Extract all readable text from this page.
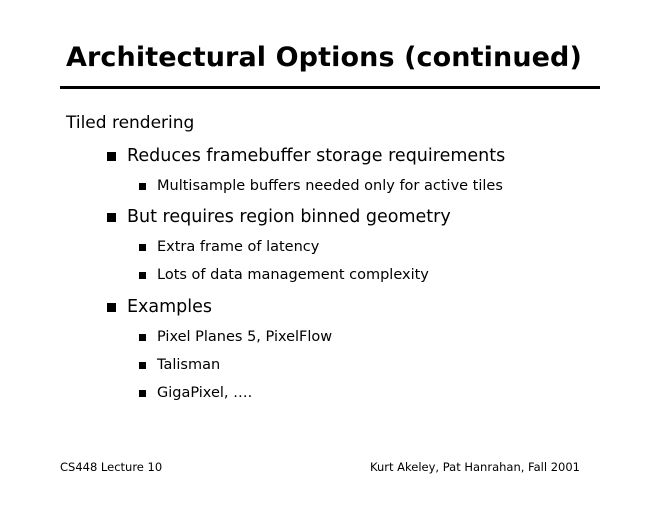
Architectural Options (continued)
Tiled rendering
Reduces framebuffer storage requirements
Multisample buffers needed only for active tiles
But requires region binned geometry
Extra frame of latency
Lots of data management complexity
Examples
Pixel Planes 5, PixelFlow
Talisman
GigaPixel, ….
CS448 Lecture 10	Kurt Akeley, Pat Hanrahan, Fall 2001
